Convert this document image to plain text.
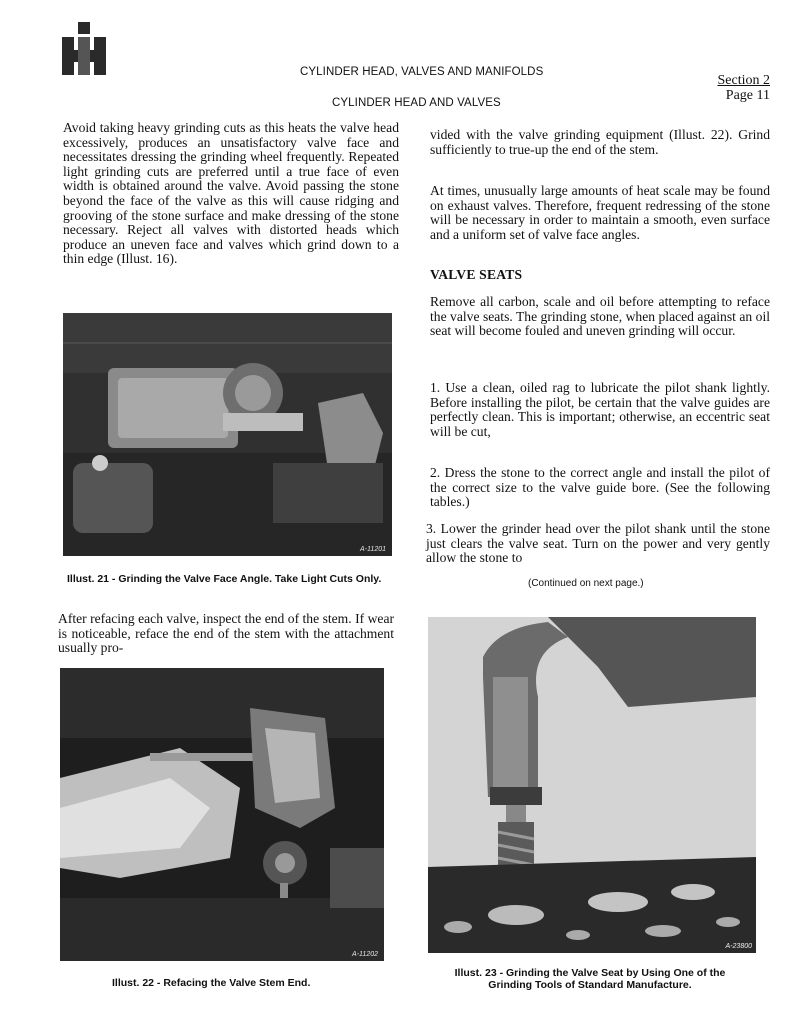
CYLINDER HEAD, VALVES AND MANIFOLDS
CYLINDER HEAD AND VALVES
Section 2
Page 11
Avoid taking heavy grinding cuts as this heats the valve head excessively, produces an unsatisfactory valve face and necessitates dressing the grinding wheel frequently. Repeated light grinding cuts are preferred until a true face of even width is obtained around the valve. Avoid passing the stone beyond the face of the valve as this will cause ridging and grooving of the stone surface and make dressing of the stone necessary. Reject all valves with distorted heads which produce an uneven face and valves which grind down to a thin edge (Illust. 16).
A-11201
Illust. 21 - Grinding the Valve Face Angle. Take Light Cuts Only.
After refacing each valve, inspect the end of the stem. If wear is noticeable, reface the end of the stem with the attachment usually pro-
A-11202
Illust. 22 - Refacing the Valve Stem End.
vided with the valve grinding equipment (Illust. 22). Grind sufficiently to true-up the end of the stem.
At times, unusually large amounts of heat scale may be found on exhaust valves. Therefore, frequent redressing of the stone will be necessary in order to maintain a smooth, even surface and a uniform set of valve face angles.
VALVE SEATS
Remove all carbon, scale and oil before attempting to reface the valve seats. The grinding stone, when placed against an oil seat will become fouled and uneven grinding will occur.
1. Use a clean, oiled rag to lubricate the pilot shank lightly. Before installing the pilot, be certain that the valve guides are perfectly clean. This is important; otherwise, an eccentric seat will be cut,
2. Dress the stone to the correct angle and install the pilot of the correct size to the valve guide bore. (See the following tables.)
3. Lower the grinder head over the pilot shank until the stone just clears the valve seat. Turn on the power and very gently allow the stone to
(Continued on next page.)
A-23800
Illust. 23 - Grinding the Valve Seat by Using One of the Grinding Tools of Standard Manufacture.
